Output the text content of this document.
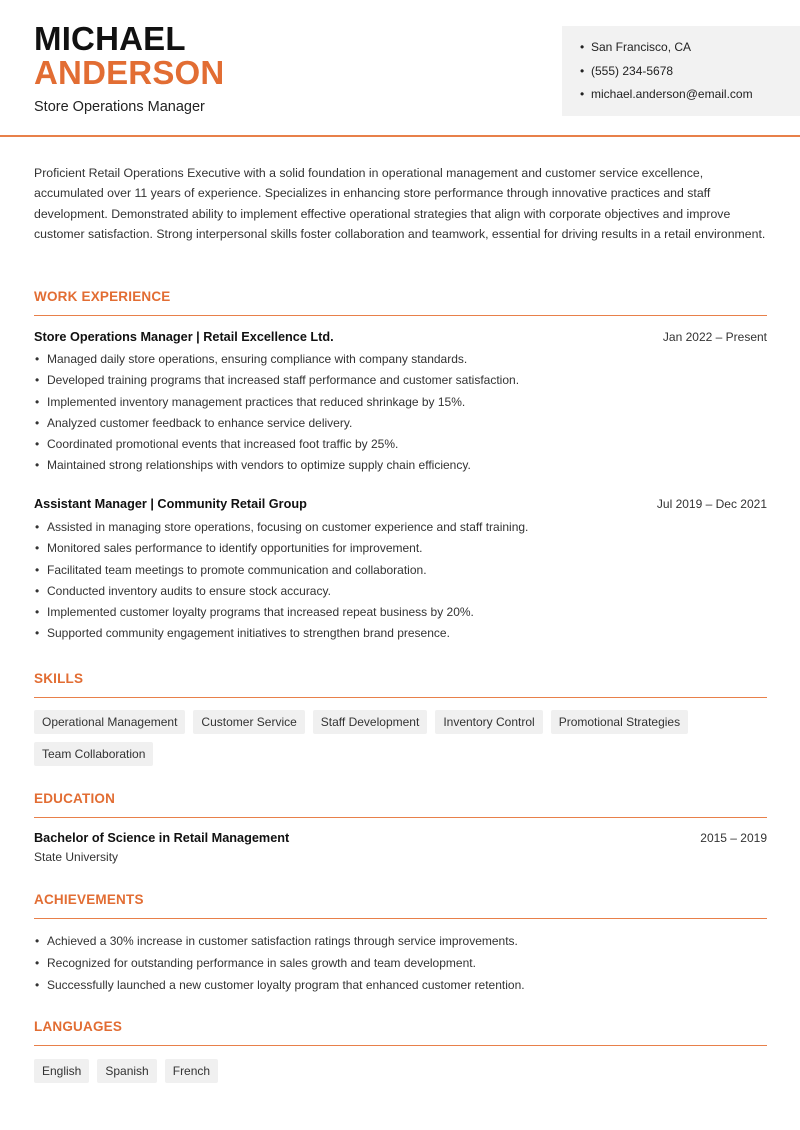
MICHAEL
ANDERSON
Store Operations Manager
• San Francisco, CA
• (555) 234-5678
• michael.anderson@email.com

Proficient Retail Operations Executive with a solid foundation in operational management and customer service excellence, accumulated over 11 years of experience. Specializes in enhancing store performance through innovative practices and staff development. Demonstrated ability to implement effective operational strategies that align with corporate objectives and improve customer satisfaction. Strong interpersonal skills foster collaboration and teamwork, essential for driving results in a retail environment.

WORK EXPERIENCE
Store Operations Manager | Retail Excellence Ltd.	Jan 2022 – Present
• Managed daily store operations, ensuring compliance with company standards.
• Developed training programs that increased staff performance and customer satisfaction.
• Implemented inventory management practices that reduced shrinkage by 15%.
• Analyzed customer feedback to enhance service delivery.
• Coordinated promotional events that increased foot traffic by 25%.
• Maintained strong relationships with vendors to optimize supply chain efficiency.
Assistant Manager | Community Retail Group	Jul 2019 – Dec 2021
• Assisted in managing store operations, focusing on customer experience and staff training.
• Monitored sales performance to identify opportunities for improvement.
• Facilitated team meetings to promote communication and collaboration.
• Conducted inventory audits to ensure stock accuracy.
• Implemented customer loyalty programs that increased repeat business by 20%.
• Supported community engagement initiatives to strengthen brand presence.
SKILLS
Operational Management	Customer Service	Staff Development	Inventory Control	Promotional Strategies
Team Collaboration
EDUCATION
Bachelor of Science in Retail Management	2015 – 2019
State University
ACHIEVEMENTS
• Achieved a 30% increase in customer satisfaction ratings through service improvements.
• Recognized for outstanding performance in sales growth and team development.
• Successfully launched a new customer loyalty program that enhanced customer retention.
LANGUAGES
English	Spanish	French
